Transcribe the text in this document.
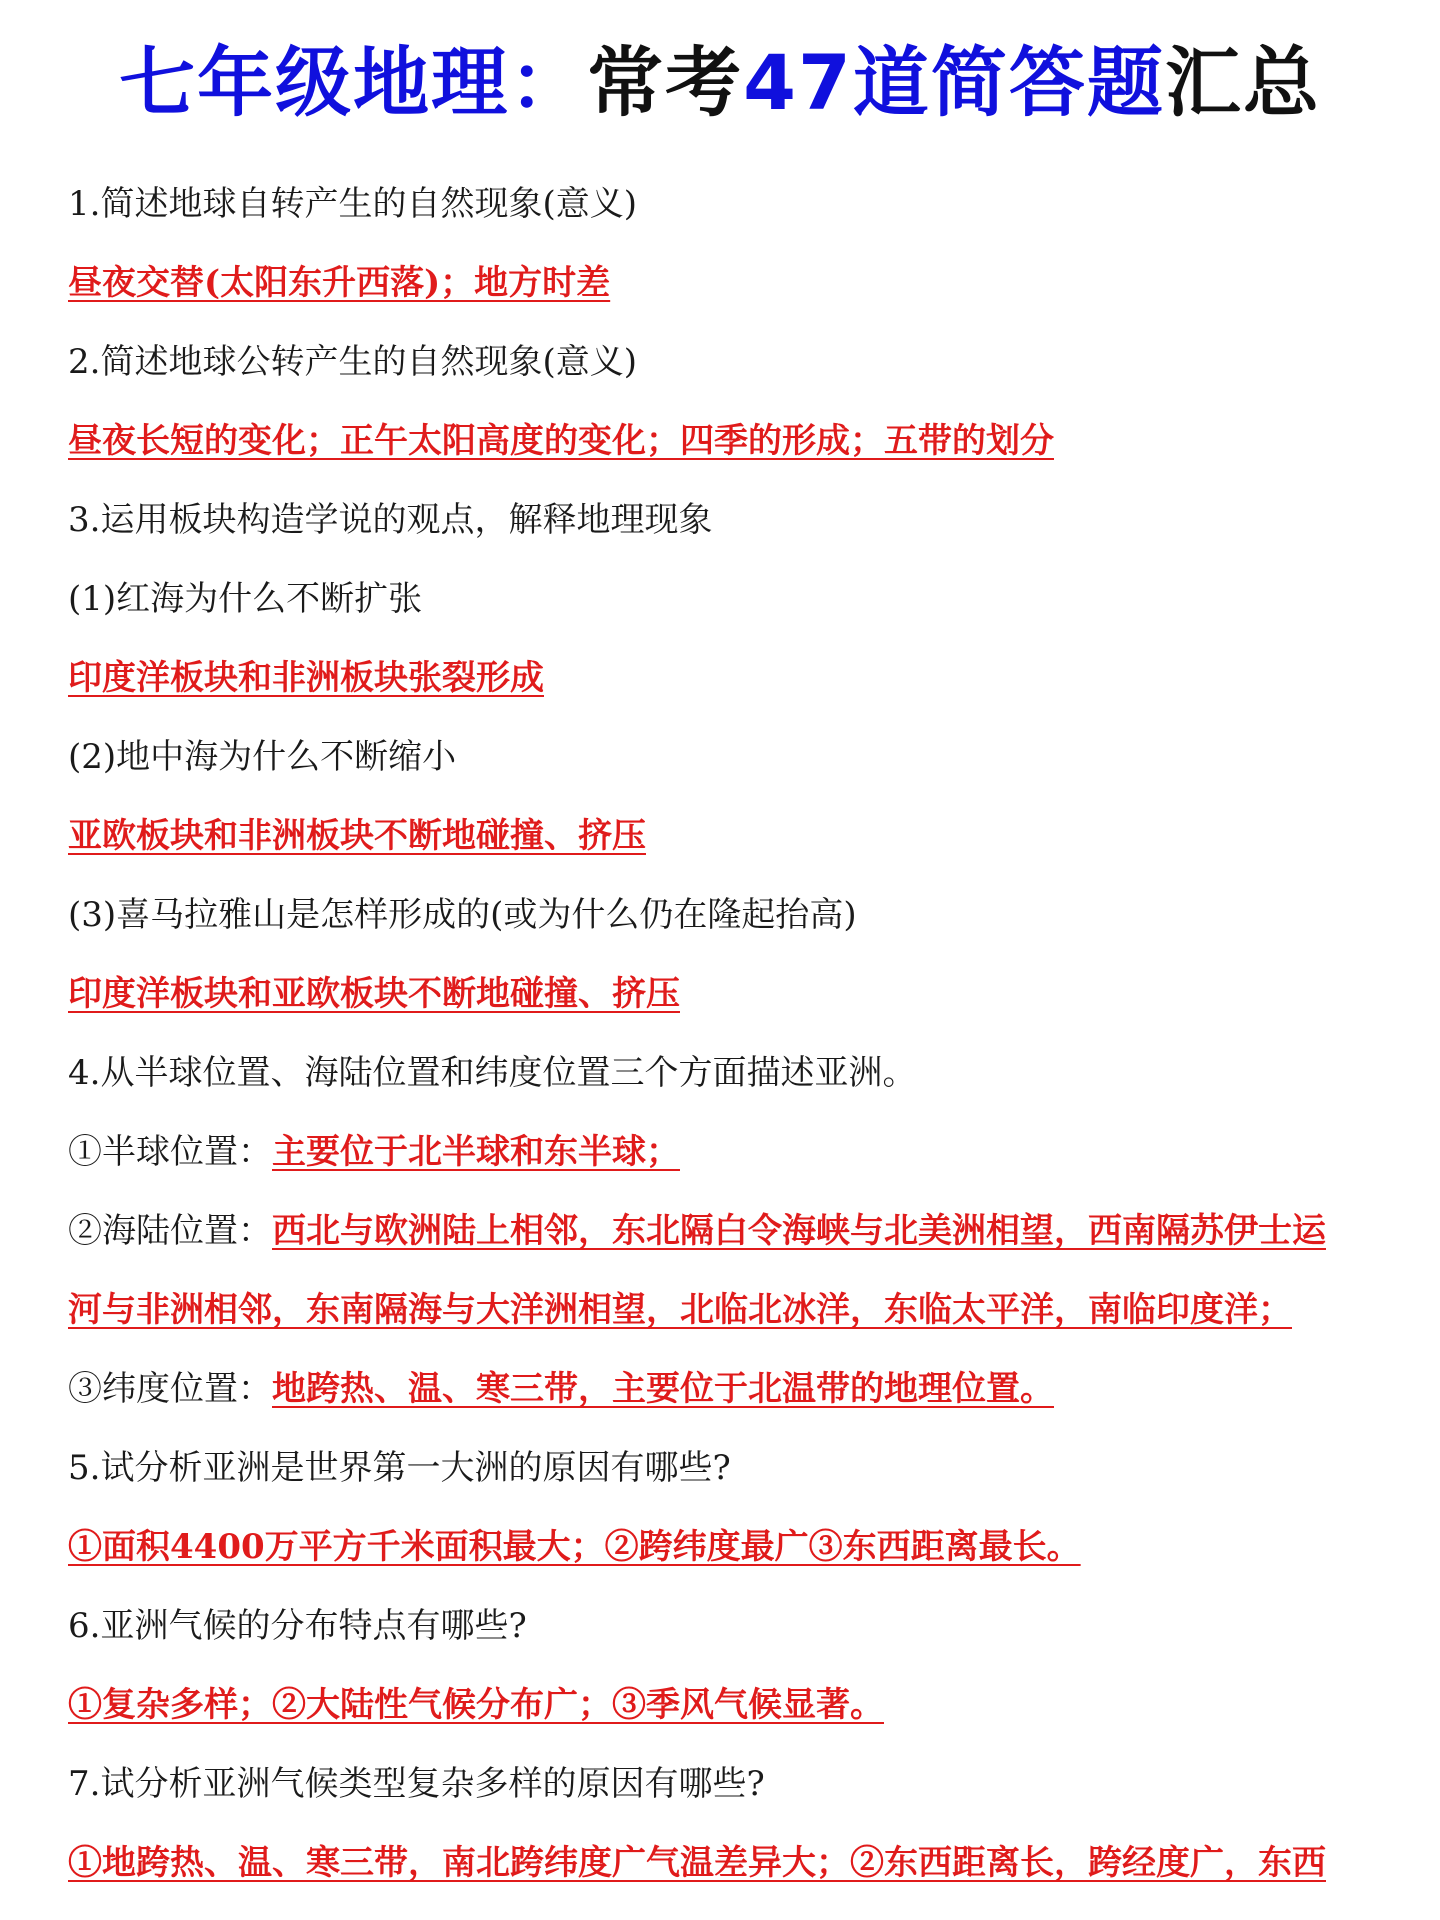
七年级地理：常考47道简答题汇总
1.简述地球自转产生的自然现象(意义)
昼夜交替(太阳东升西落)；地方时差
2.简述地球公转产生的自然现象(意义)
昼夜长短的变化；正午太阳高度的变化；四季的形成；五带的划分
3.运用板块构造学说的观点，解释地理现象
(1)红海为什么不断扩张
印度洋板块和非洲板块张裂形成
(2)地中海为什么不断缩小
亚欧板块和非洲板块不断地碰撞、挤压
(3)喜马拉雅山是怎样形成的(或为什么仍在隆起抬高)
印度洋板块和亚欧板块不断地碰撞、挤压
4.从半球位置、海陆位置和纬度位置三个方面描述亚洲。
①半球位置：主要位于北半球和东半球；
②海陆位置：西北与欧洲陆上相邻，东北隔白令海峡与北美洲相望，西南隔苏伊士运
河与非洲相邻，东南隔海与大洋洲相望，北临北冰洋，东临太平洋，南临印度洋；
③纬度位置：地跨热、温、寒三带，主要位于北温带的地理位置。
5.试分析亚洲是世界第一大洲的原因有哪些?
①面积4400万平方千米面积最大；②跨纬度最广③东西距离最长。
6.亚洲气候的分布特点有哪些?
①复杂多样；②大陆性气候分布广；③季风气候显著。
7.试分析亚洲气候类型复杂多样的原因有哪些?
①地跨热、温、寒三带，南北跨纬度广气温差异大；②东西距离长，跨经度广，东西
